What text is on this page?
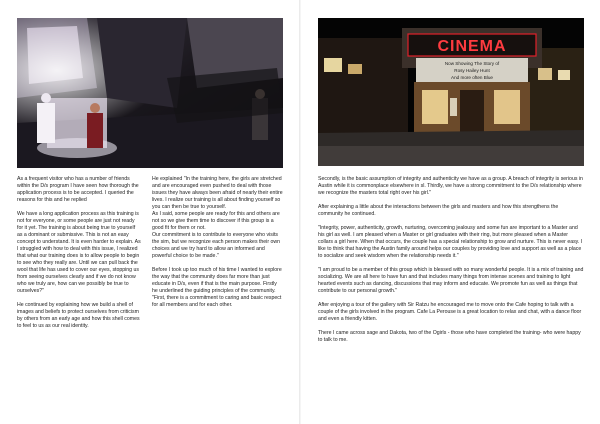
CINEMA
Now Showing The Story of
Rosy Hailey Hunt
And more often Blue

As a frequent visitor who has a number of friends within the D/s program I have seen how thorough the application process is to be accepted. I queried the reasons for this and he replied

We have a long application process as this training is not for everyone, or some people are just not ready for it yet. The training is about being true to yourself as a dominant or submissive. This is not an easy concept to understand. It is even harder to explain. As I struggled with how to deal with this issue, I realized that what our training does is to allow people to begin to see who they really are. Until we can pull back the wool that life has used to cover our eyes, stopping us from seeing ourselves clearly and if we do not know who we truly are, how can we possibly be true to ourselves?"

He continued by explaining how we build a shell of images and beliefs to protect ourselves from criticism by others from an early age and how this shell comes to feel to us as our real identity.

He explained "In the training here, the girls are stretched and are encouraged even pushed to deal with those issues they have always been afraid of nearly their entire lives. I realize our training is all about finding yourself so you can then be true to yourself.
As I said, some people are ready for this and others are not so we give them time to discover if this group is a good fit for them or not.
Our commitment is to contribute to everyone who visits the sim, but we recognize each person makes their own choices and we try hard to allow an informed and powerful choice to be made."

Before I took up too much of his time I wanted to explore the way that the community does far more than just educate in D/s, even if that is the main purpose. Firstly he underlined the guiding principles of the community.
"First, there is a commitment to caring and basic respect for all members and for each other.

Secondly, is the basic assumption of integrity and authenticity we have as a group. A breach of integrity is serious in Austin while it is commonplace elsewhere in sl. Thirdly, we have a strong commitment to the D/s relationship where we recognize the masters total right over his girl."

After explaining a little about the interactions between the girls and masters and how this strengthens the community he continued.

"Integrity, power, authenticity, growth, nurturing, overcoming jealousy and some fun are important to a Master and his girl as well. I am pleased when a Master or girl graduates with their ring, but more pleased when a Master collars a girl here. When that occurs, the couple has a special relationship to grow and nurture. This is never easy. I like to think that having the Austin family around helps our couples by providing love and support as well as a place to socialize and seek wisdom when the relationship needs it."

"I am proud to be a member of this group which is blessed with so many wonderful people. It is a mix of training and socializing. We are all here to have fun and that includes many things from intense scenes and training to light hearted events such as dancing, discussions that may inform and educate. We promote fun as well as things that contribute to our personal growth."

After enjoying a tour of the gallery with Sir Ratzu he encouraged me to move onto the Cafe hoping to talk with a couple of the girls involved in the program. Cafe La Perouse is a great location to relax and chat, with a dance floor and even a friendly kitten.

There I came across sage and Dakota, two of the Ogirls - those who have completed the training- who were happy to talk to me.
